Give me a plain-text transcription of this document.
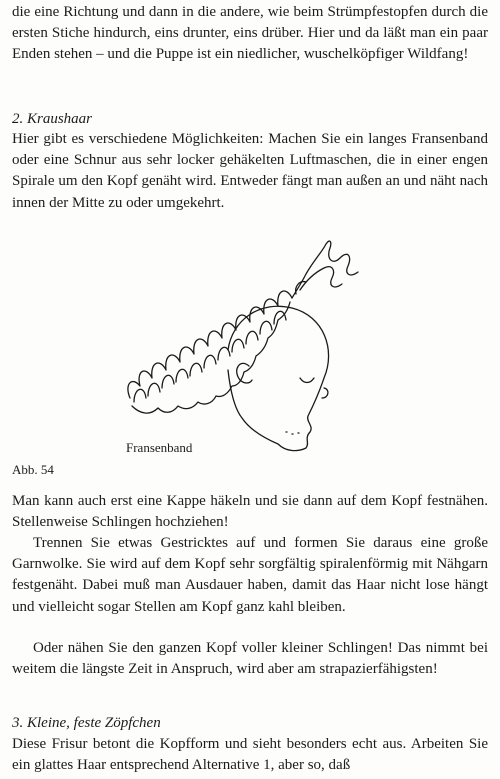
die eine Richtung und dann in die andere, wie beim Strümpfestopfen durch die ersten Stiche hindurch, eins drunter, eins drüber. Hier und da läßt man ein paar Enden stehen – und die Puppe ist ein niedlicher, wuschelköpfiger Wildfang!

2. Kraushaar

Hier gibt es verschiedene Möglichkeiten: Machen Sie ein langes Fransenband oder eine Schnur aus sehr locker gehäkelten Luftmaschen, die in einer engen Spirale um den Kopf genäht wird. Entweder fängt man außen an und näht nach innen der Mitte zu oder umgekehrt.

Fransenband
Abb. 54

Man kann auch erst eine Kappe häkeln und sie dann auf dem Kopf festnähen. Stellenweise Schlingen hochziehen!

Trennen Sie etwas Gestricktes auf und formen Sie daraus eine große Garnwolke. Sie wird auf dem Kopf sehr sorgfältig spiralenförmig mit Nähgarn festgenäht. Dabei muß man Ausdauer haben, damit das Haar nicht lose hängt und vielleicht sogar Stellen am Kopf ganz kahl bleiben.

Oder nähen Sie den ganzen Kopf voller kleiner Schlingen! Das nimmt bei weitem die längste Zeit in Anspruch, wird aber am strapazierfähigsten!

3. Kleine, feste Zöpfchen

Diese Frisur betont die Kopfform und sieht besonders echt aus. Arbeiten Sie ein glattes Haar entsprechend Alternative 1, aber so, daß
